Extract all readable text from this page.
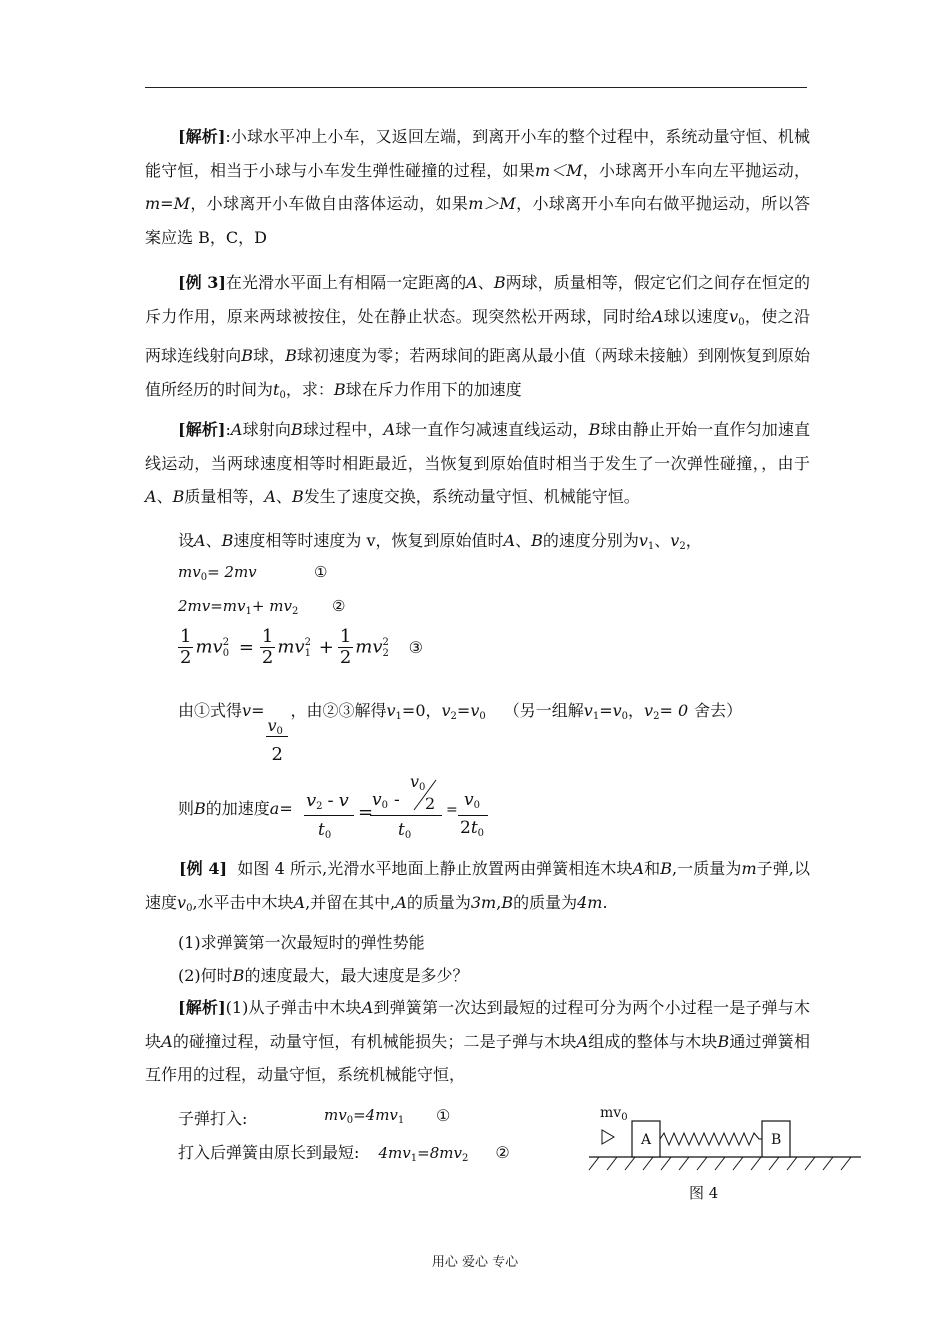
[解析]:小球水平冲上小车，又返回左端，到离开小车的整个过程中，系统动量守恒、机械能守恒，相当于小球与小车发生弹性碰撞的过程，如果m＜M，小球离开小车向左平抛运动，m=M，小球离开小车做自由落体运动，如果m＞M，小球离开小车向右做平抛运动，所以答案应选 B，C，D
[例 3]在光滑水平面上有相隔一定距离的A、B两球，质量相等，假定它们之间存在恒定的斥力作用，原来两球被按住，处在静止状态。现突然松开两球，同时给A球以速度$v_0$，使之沿两球连线射向B球，B球初速度为零；若两球间的距离从最小值（两球未接触）到刚恢复到原始值所经历的时间为$t_0$，求：B球在斥力作用下的加速度
[解析]:A球射向B球过程中，A球一直作匀减速直线运动，B球由静止开始一直作匀加速直线运动，当两球速度相等时相距最近，当恢复到原始值时相当于发生了一次弹性碰撞，，由于A、B质量相等，A、B发生了速度交换，系统动量守恒、机械能守恒。
设A、B速度相等时速度为 v，恢复到原始值时A、B的速度分别为$v_1$、$v_2$，
$mv_0= 2mv$	①
$2mv=mv_1+ mv_2$ ②
$\frac{1}{2}$ mv 2
$0 = \frac{1}{2}$ mv 2
$1 + \frac{1}{2}$ mv 2
2 ③
由①式得v=
$\frac{v_0}{2}$
，由②③解得$v_1=0$，$v_2=v_0$ （另一组解$v_1=v_0$，$v_2= 0$ 舍去）
则B的加速度$a= v_2 - v$
$t_0$
=
$v_0$ -
$v_0$
2
$t_0$
= $v_0$
$2t_0$
[例 4] 如图 4 所示,光滑水平地面上静止放置两由弹簧相连木块A和B,一质量为m子弹,以速度$v_0$,水平击中木块A,并留在其中,A的质量为3m,B的质量为4m.
(1)求弹簧第一次最短时的弹性势能
(2)何时B的速度最大，最大速度是多少？
[解析](1)从子弹击中木块A到弹簧第一次达到最短的过程可分为两个小过程一是子弹与木块A的碰撞过程，动量守恒，有机械能损失；二是子弹与木块A组成的整体与木块B通过弹簧相互作用的过程，动量守恒，系统机械能守恒，
子弹打入:	$mv_0=4mv_1$ ①
打入后弹簧由原长到最短: $4mv_1=8mv_2$ ②
$mv_0$
A	B
图 4
用心 爱心 专心
